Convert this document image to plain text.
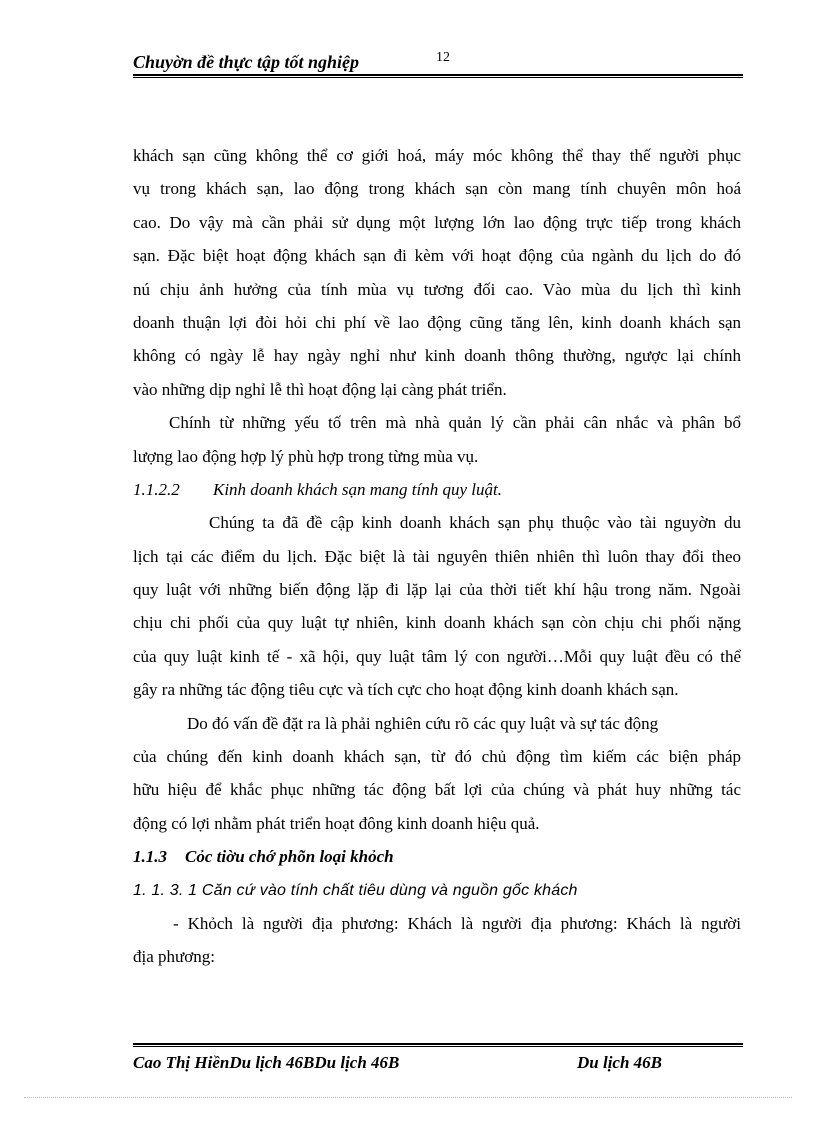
Chuyờn đề thực tập tốt nghiệp	12

khách sạn cũng không thể cơ giới hoá, máy móc không thể thay thế người phục

vụ trong khách sạn, lao động trong khách sạn còn mang tính chuyên môn hoá

cao. Do vậy mà cần phải sử dụng một lượng lớn lao động trực tiếp trong khách

sạn. Đặc biệt hoạt động khách sạn đi kèm với hoạt động của ngành du lịch do đó

nú chịu ảnh hưởng của tính mùa vụ tương đối cao. Vào mùa du lịch thì kinh

doanh thuận lợi đòi hỏi chi phí về lao động cũng tăng lên, kinh doanh khách sạn

không có ngày lễ hay ngày nghỉ như kinh doanh thông thường, ngược lại chính

vào những dịp nghỉ lễ thì hoạt động lại càng phát triển.

Chính từ những yếu tố trên mà nhà quản lý cần phải cân nhắc và phân bổ

lượng lao động hợp lý phù hợp trong từng mùa vụ.

1.1.2.2 Kinh doanh khách sạn mang tính quy luật.

Chúng ta đã đề cập kinh doanh khách sạn phụ thuộc vào tài nguyờn du

lịch tại các điểm du lịch. Đặc biệt là tài nguyên thiên nhiên thì luôn thay đổi theo

quy luật với những biến động lặp đi lặp lại của thời tiết khí hậu trong năm. Ngoài

chịu chi phối của quy luật tự nhiên, kinh doanh khách sạn còn chịu chi phối nặng

của quy luật kinh tế - xã hội, quy luật tâm lý con người…Mỗi quy luật đều có thể

gây ra những tác động tiêu cực và tích cực cho hoạt động kinh doanh khách sạn.

Do đó vấn đề đặt ra là phải nghiên cứu rõ các quy luật và sự tác động

của chúng đến kinh doanh khách sạn, từ đó chủ động tìm kiếm các biện pháp

hữu hiệu để khắc phục những tác động bất lợi của chúng và phát huy những tác

động có lợi nhằm phát triển hoạt đông kinh doanh hiệu quả.

1.1.3 Cỏc tiờu chớ phõn loại khỏch

1. 1. 3. 1 Căn cứ vào tính chất tiêu dùng và nguồn gốc khách

- Khỏch là người địa phương: Khách là người địa phương: Khách là người

địa phương:

Cao Thị HiềnDu lịch 46BDu lịch 46B	Du lịch 46B
